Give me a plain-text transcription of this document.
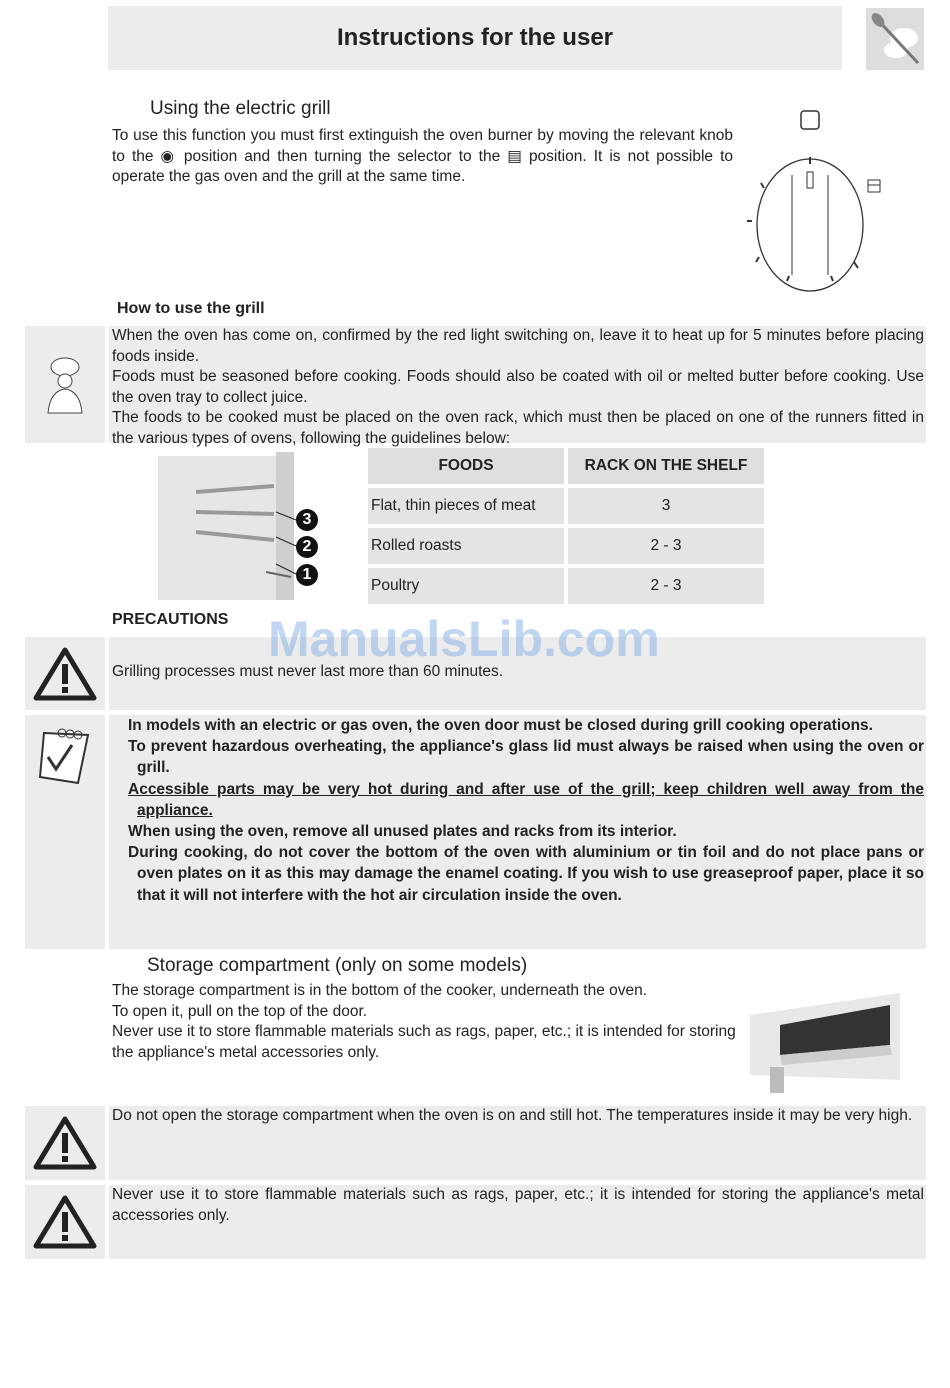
Instructions for the user
Using the electric grill
To use this function you must first extinguish the oven burner by moving the relevant knob to the ◉ position and then turning the selector to the ▤ position. It is not possible to operate the gas oven and the grill at the same time.
How to use the grill
When the oven has come on, confirmed by the red light switching on, leave it to heat up for 5 minutes before placing foods inside.
Foods must be seasoned before cooking. Foods should also be coated with oil or melted butter before cooking. Use the oven tray to collect juice.
The foods to be cooked must be placed on the oven rack, which must then be placed on one of the runners fitted in the various types of ovens, following the guidelines below:
3
2
1
FOODS	RACK ON THE SHELF
Flat, thin pieces of meat	3
Rolled roasts	2 - 3
Poultry	2 - 3
PRECAUTIONS
Grilling processes must never last more than 60 minutes.
ManualsLib.com
In models with an electric or gas oven, the oven door must be closed during grill cooking operations.
To prevent hazardous overheating, the appliance's glass lid must always be raised when using the oven or grill.
Accessible parts may be very hot during and after use of the grill; keep children well away from the appliance.
When using the oven, remove all unused plates and racks from its interior.
During cooking, do not cover the bottom of the oven with aluminium or tin foil and do not place pans or oven plates on it as this may damage the enamel coating. If you wish to use greaseproof paper, place it so that it will not interfere with the hot air circulation inside the oven.
Storage compartment (only on some models)
The storage compartment is in the bottom of the cooker, underneath the oven.
To open it, pull on the top of the door.
Never use it to store flammable materials such as rags, paper, etc.; it is intended for storing the appliance's metal accessories only.
Do not open the storage compartment when the oven is on and still hot. The temperatures inside it may be very high.
Never use it to store flammable materials such as rags, paper, etc.; it is intended for storing the appliance's metal accessories only.
